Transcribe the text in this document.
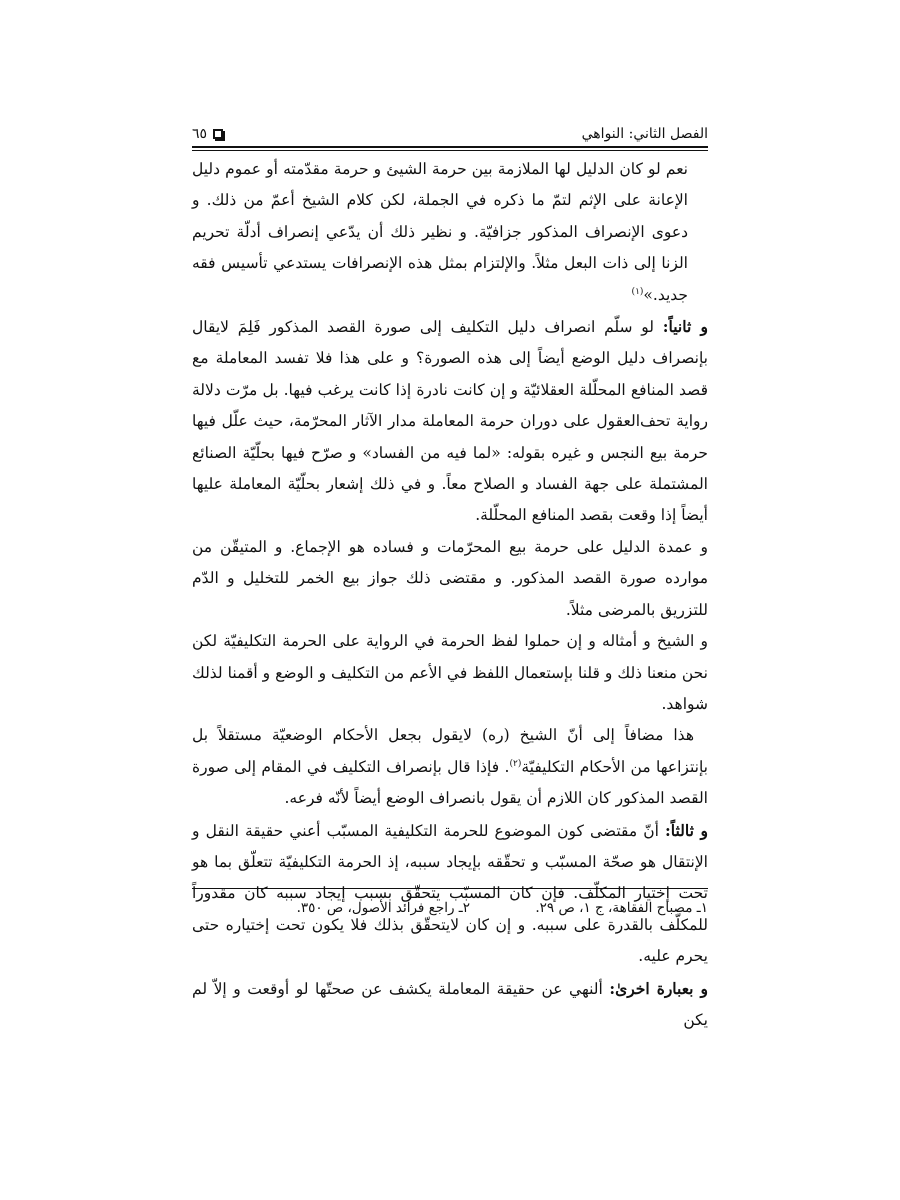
الفصل الثاني: النواهي
٦٥

نعم لو كان الدليل لها الملازمة بين حرمة الشيئ و حرمة مقدّمته أو عموم دليل الإعانة على الإثم لتمّ ما ذكره في الجملة، لكن كلام الشيخ أعمّ من ذلك. و دعوى الإنصراف المذكور جزافيّة. و نظير ذلك أن يدّعي إنصراف أدلّة تحريم الزنا إلى ذات البعل مثلاً. والإلتزام بمثل هذه الإنصرافات يستدعي تأسيس فقه جديد.»$^{(١)}$

و ثانياً: لو سلّم انصراف دليل التكليف إلى صورة القصد المذكور فَلِمَ لايقال بإنصراف دليل الوضع أيضاً إلى هذه الصورة؟ و على هذا فلا تفسد المعاملة مع قصد المنافع المحلّلة العقلائيّة و إن كانت نادرة إذا كانت يرغب فيها. بل مرّت دلالة رواية تحف‌العقول على دوران حرمة المعاملة مدار الآثار المحرّمة، حيث علّل فيها حرمة بيع النجس و غيره بقوله: «لما فيه من الفساد» و صرّح فيها بحلّيّة الصنائع المشتملة على جهة الفساد و الصلاح معاً. و في ذلك إشعار بحلّيّة المعاملة عليها أيضاً إذا وقعت بقصد المنافع المحلّلة.

و عمدة الدليل على حرمة بيع المحرّمات و فساده هو الإجماع. و المتيقّن من موارده صورة القصد المذكور. و مقتضى ذلك جواز بيع الخمر للتخليل و الدّم للتزريق بالمرضى مثلاً.

و الشيخ و أمثاله و إن حملوا لفظ الحرمة في الرواية على الحرمة التكليفيّة لكن نحن منعنا ذلك و قلنا بإستعمال اللفظ في الأعم من التكليف و الوضع و أقمنا لذلك شواهد.

هذا مضافاً إلى أنّ الشيخ (ره) لايقول بجعل الأحكام الوضعيّة مستقلاً بل بإنتزاعها من الأحكام التكليفيّة$^{(٢)}$. فإذا قال بإنصراف التكليف في المقام إلى صورة القصد المذكور كان اللازم أن يقول بانصراف الوضع أيضاً لأنّه فرعه.

و ثالثاً: أنّ مقتضى كون الموضوع للحرمة التكليفية المسبّب أعني حقيقة النقل و الإنتقال هو صحّة المسبّب و تحقّقه بإيجاد سببه، إذ الحرمة التكليفيّة تتعلّق بما هو تحت إختيار المكلّف. فإن كان المسبّب يتحقّق بسبب إيجاد سببه كان مقدوراً للمكلّف بالقدرة على سببه. و إن كان لايتحقّق بذلك فلا يكون تحت إختياره حتى يحرم عليه.

و بعبارة اخرىٰ: ألنهي عن حقيقة المعاملة يكشف عن صحتّها لو أوقعت و إلاّ لم يكن

١ـ مصباح الفقاهة، ج ١، ص ٢٩.
٢ـ راجع فرائد الأصول، ص ٣٥٠.
